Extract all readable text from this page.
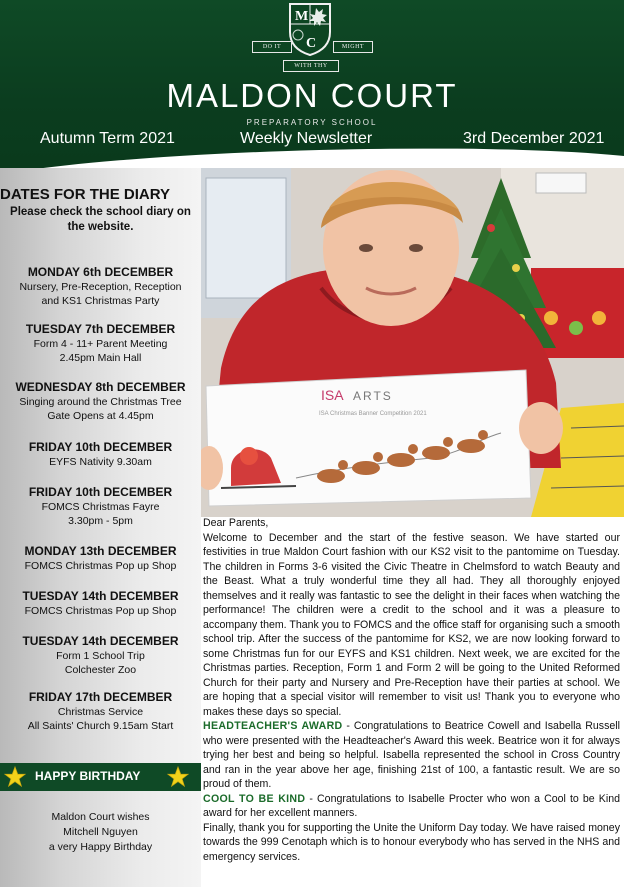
M
C
DO IT	MIGHT
WITH THY
MALDON COURT
PREPARATORY SCHOOL
Autumn Term 2021	Weekly Newsletter	3rd December 2021
DATES FOR THE DIARY
Please check the school diary on the website.
MONDAY 6th DECEMBER
Nursery, Pre-Reception, Reception
and KS1 Christmas Party
TUESDAY 7th DECEMBER
Form 4 - 11+ Parent Meeting
2.45pm Main Hall
WEDNESDAY 8th DECEMBER
Singing around the Christmas Tree
Gate Opens at 4.45pm
FRIDAY 10th DECEMBER
EYFS Nativity 9.30am
FRIDAY 10th DECEMBER
FOMCS Christmas Fayre
3.30pm - 5pm
MONDAY 13th DECEMBER
FOMCS Christmas Pop up Shop
TUESDAY 14th DECEMBER
FOMCS Christmas Pop up Shop
TUESDAY 14th DECEMBER
Form 1 School Trip
Colchester Zoo
FRIDAY 17th DECEMBER
Christmas Service
All Saints' Church 9.15am Start
HAPPY BIRTHDAY
Maldon Court wishes
Mitchell Nguyen
a very Happy Birthday
ISA ARTS
ISA Christmas Banner Competition 2021

Dear Parents,

Welcome to December and the start of the festive season. We have started our festivities in true Maldon Court fashion with our KS2 visit to the pantomime on Tuesday. The children in Forms 3-6 visited the Civic Theatre in Chelmsford to watch Beauty and the Beast. What a truly wonderful time they all had. They all thoroughly enjoyed themselves and it really was fantastic to see the delight in their faces when watching the performance! The children were a credit to the school and it was a pleasure to accompany them. Thank you to FOMCS and the office staff for organising such a smooth school trip. After the success of the pantomime for KS2, we are now looking forward to some Christmas fun for our EYFS and KS1 children. Next week, we are excited for the Christmas parties. Reception, Form 1 and Form 2 will be going to the United Reformed Church for their party and Nursery and Pre-Reception have their parties at school. We are hoping that a special visitor will remember to visit us! Thank you to everyone who makes these days so special.

HEADTEACHER'S AWARD - Congratulations to Beatrice Cowell and Isabella Russell who were presented with the Headteacher's Award this week. Beatrice won it for always trying her best and being so helpful. Isabella represented the school in Cross Country and ran in the year above her age, finishing 21st of 100, a fantastic result. We are so proud of them.

COOL TO BE KIND - Congratulations to Isabelle Procter who won a Cool to be Kind award for her excellent manners.

Finally, thank you for supporting the Unite the Uniform Day today. We have raised money towards the 999 Cenotaph which is to honour everybody who has served in the NHS and emergency services.
